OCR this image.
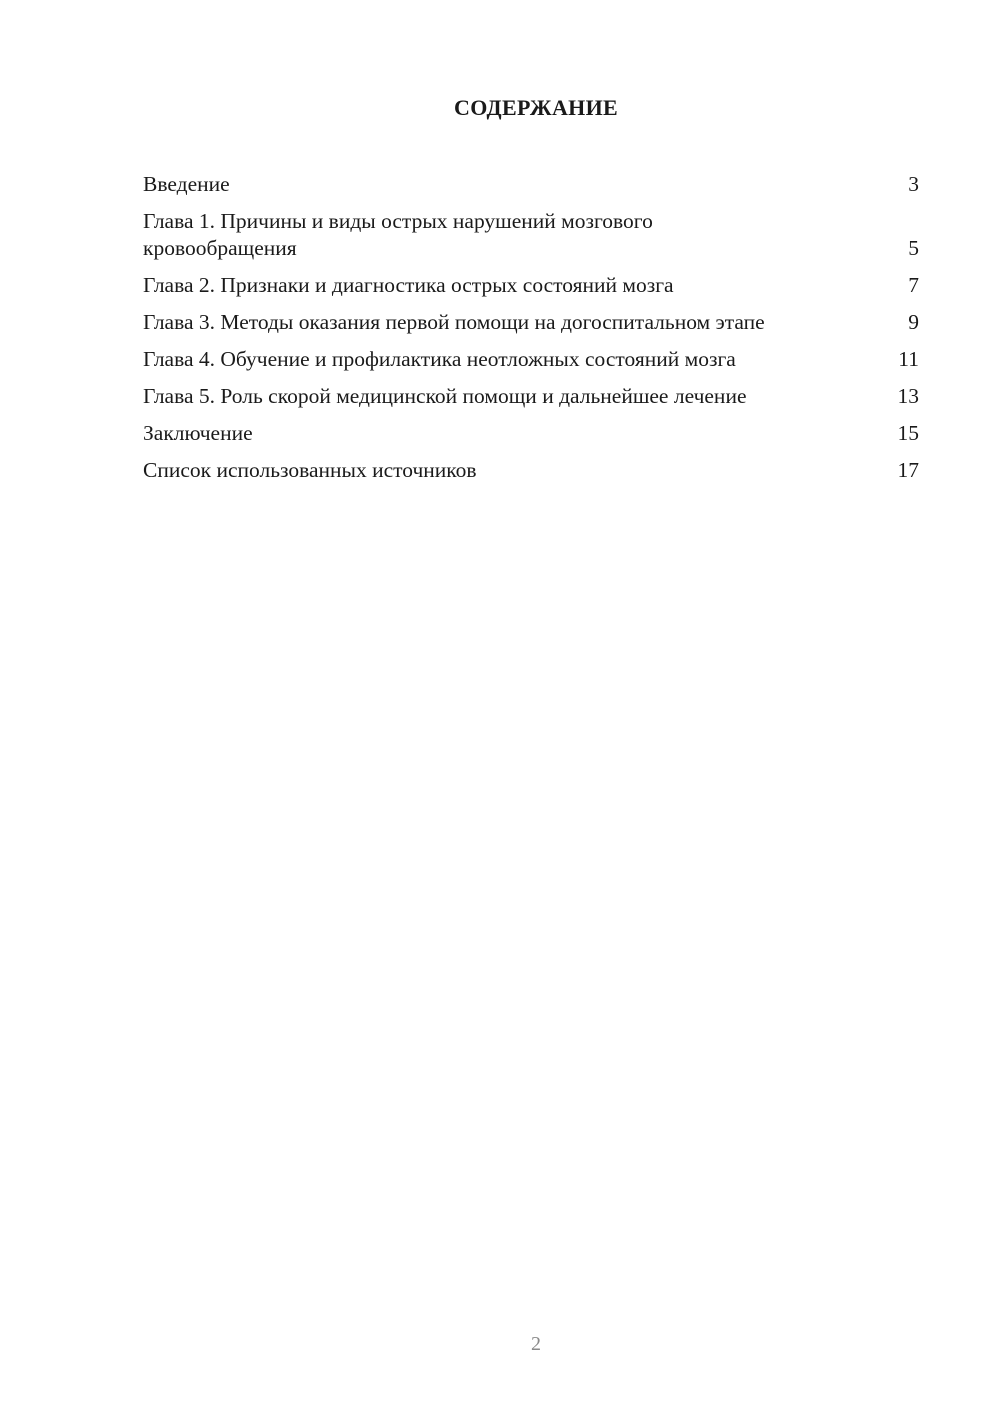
СОДЕРЖАНИЕ
Введение	3
Глава 1. Причины и виды острых нарушений мозгового кровообращения	5
Глава 2. Признаки и диагностика острых состояний мозга	7
Глава 3. Методы оказания первой помощи на догоспитальном этапе	9
Глава 4. Обучение и профилактика неотложных состояний мозга	11
Глава 5. Роль скорой медицинской помощи и дальнейшее лечение	13
Заключение	15
Список использованных источников	17

2
